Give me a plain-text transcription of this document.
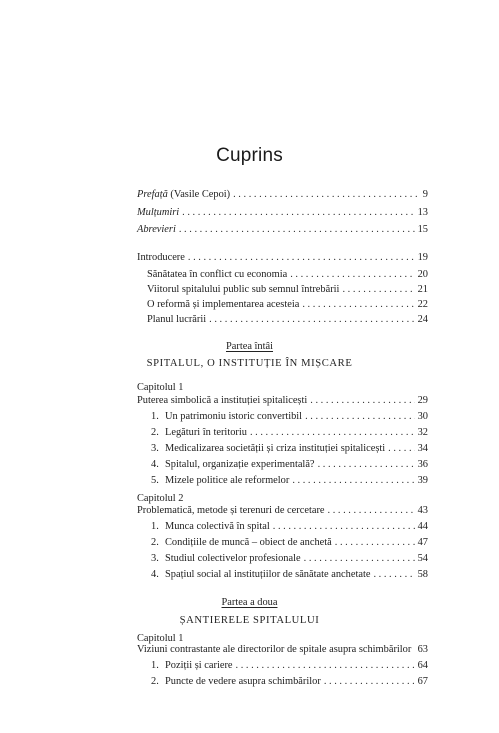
Cuprins
Prefață (Vasile Cepoi) . . .	9
Mulțumiri . . .	13
Abrevieri . . .	15
Introducere . . .	19
Sănătatea în conflict cu economia . . .	20
Viitorul spitalului public sub semnul întrebării . . .	21
O reformă și implementarea acesteia . . .	22
Planul lucrării . . .	24
Partea întâi
SPITALUL, O INSTITUȚIE ÎN MIȘCARE
Capitolul 1
Puterea simbolică a instituției spitalicești . . .	29
1. Un patrimoniu istoric convertibil . . .	30
2. Legături în teritoriu . . .	32
3. Medicalizarea societății și criza instituției spitalicești . . .	34
4. Spitalul, organizație experimentală? . . .	36
5. Mizele politice ale reformelor . . .	39
Capitolul 2
Problematică, metode și terenuri de cercetare . . .	43
1. Munca colectivă în spital . . .	44
2. Condițiile de muncă – obiect de anchetă . . .	47
3. Studiul colectivelor profesionale . . .	54
4. Spațiul social al instituțiilor de sănătate anchetate . . .	58
Partea a doua
ȘANTIERELE SPITALULUI
Capitolul 1
Viziuni contrastante ale directorilor de spitale asupra schimbărilor . . . 63
1. Poziții și cariere . . .	64
2. Puncte de vedere asupra schimbărilor . . .	67
